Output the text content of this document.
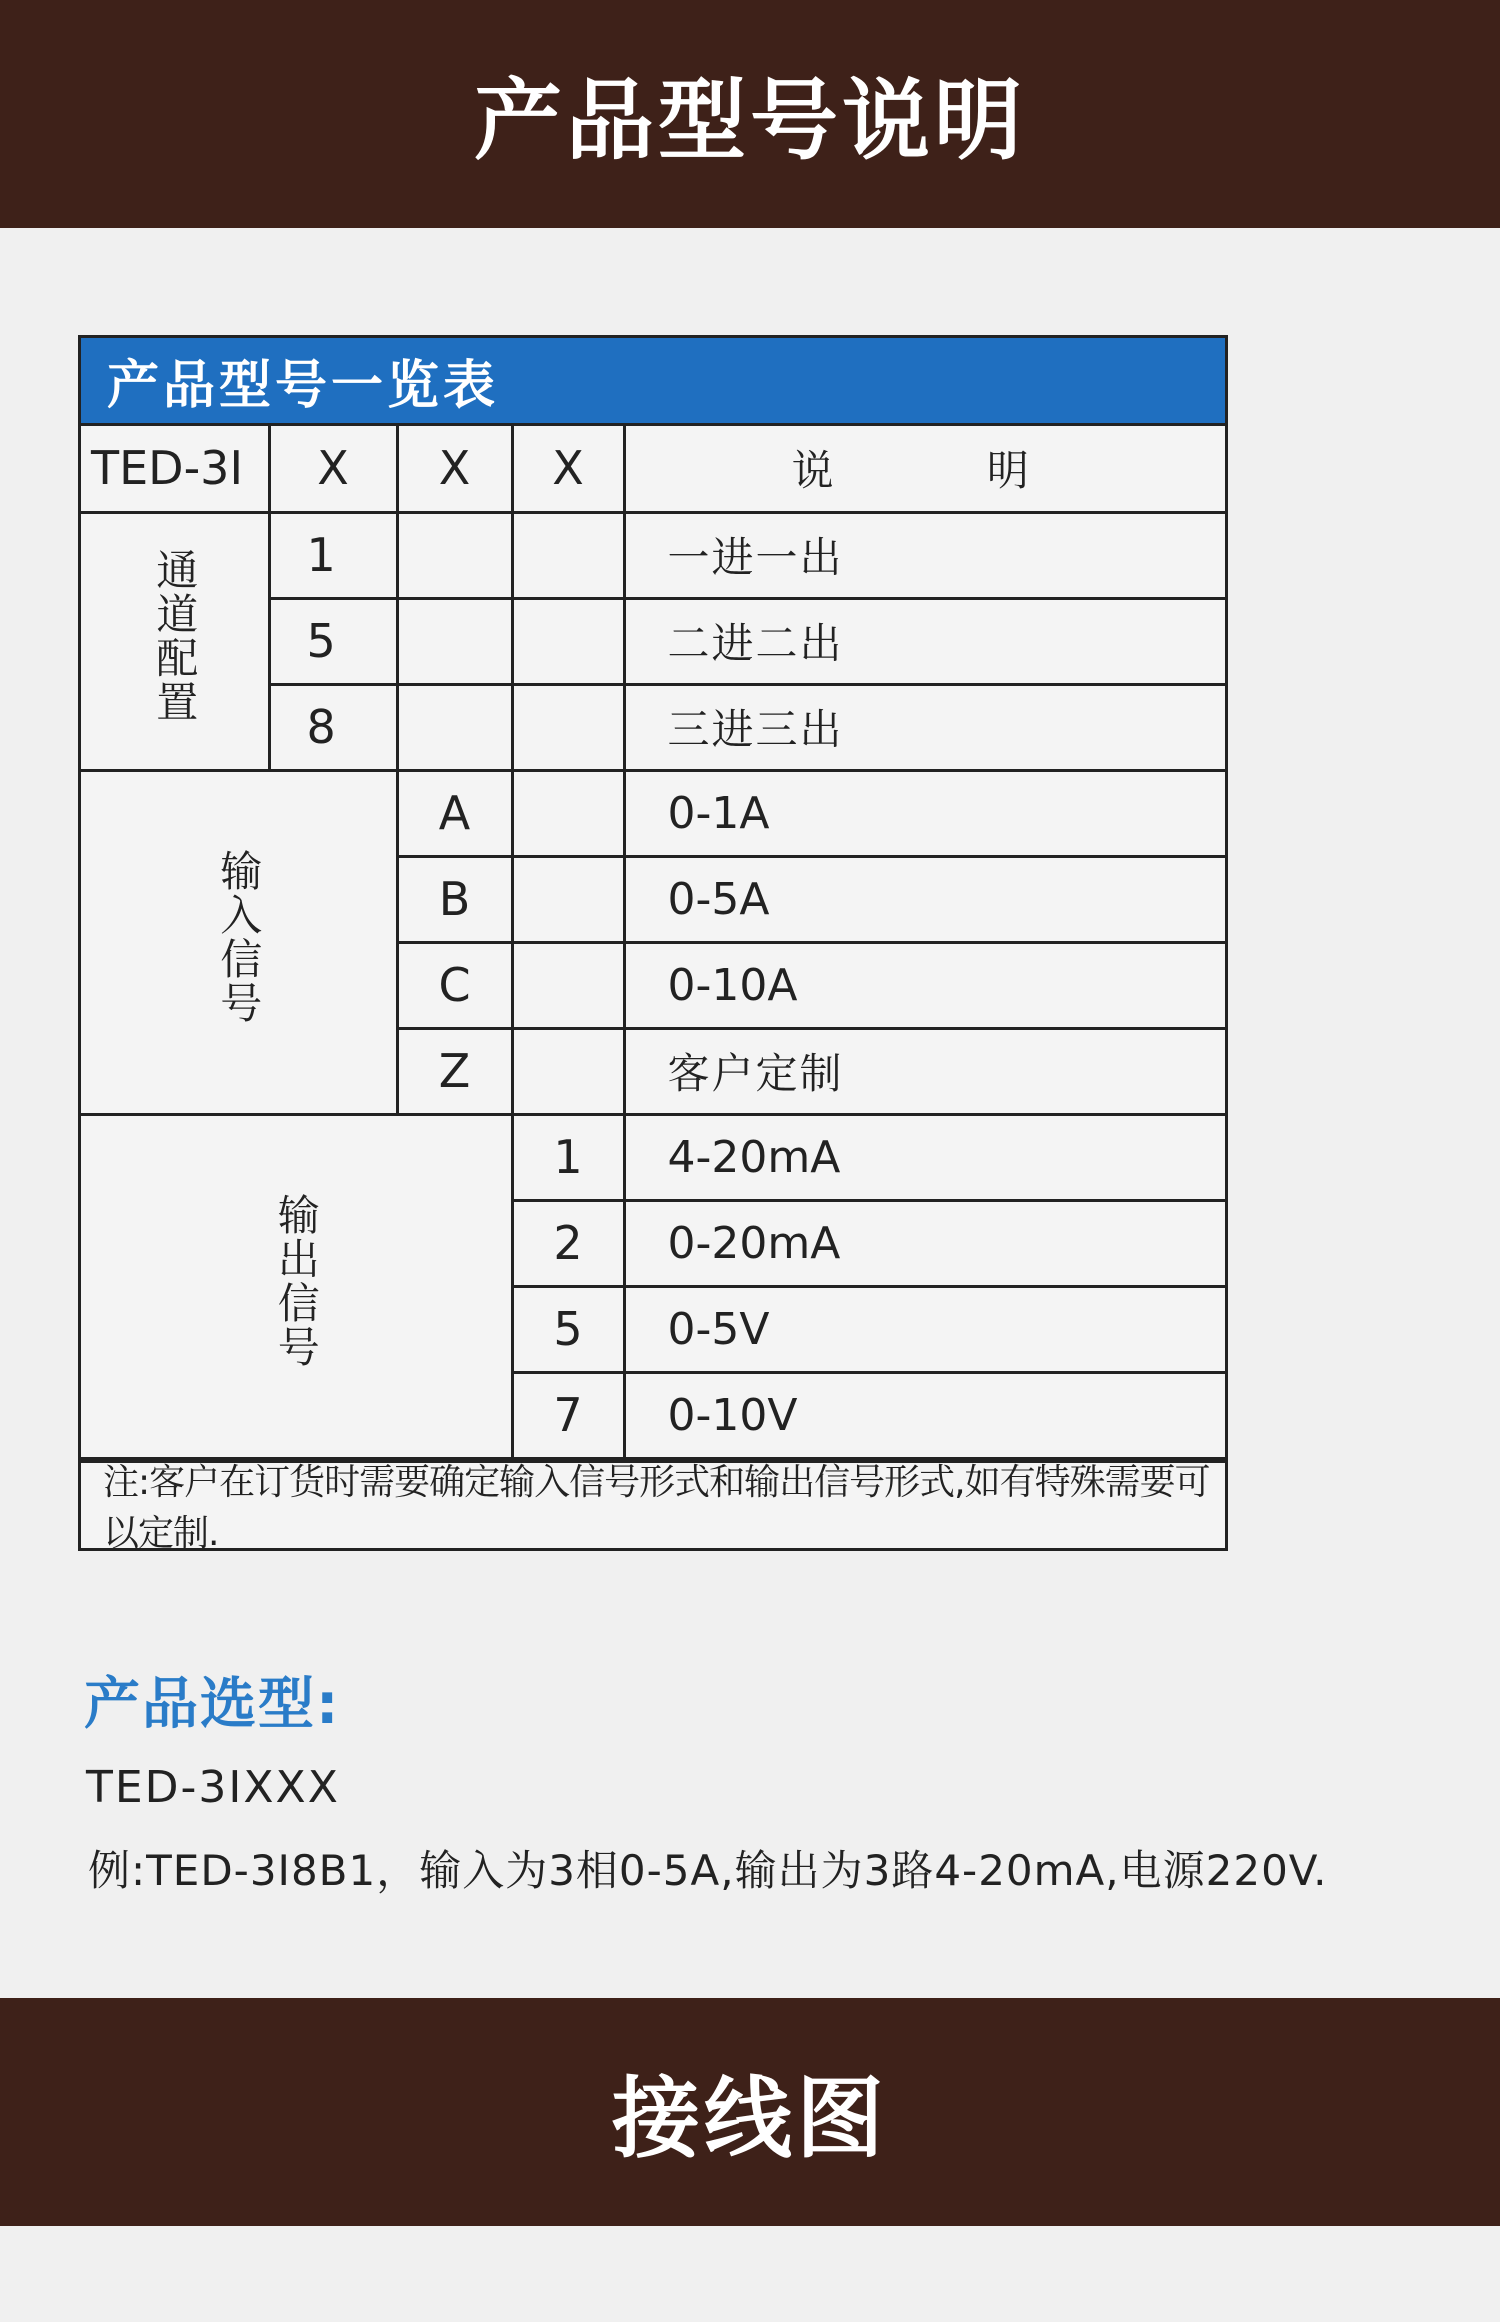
产品型号说明
产品型号一览表
TED-3I	X	X	X	说 明
通道配置	1			一进一出
	5			二进二出
	8			三进三出
输入信号		A		0-1A
		B		0-5A
		C		0-10A
		Z		客户定制
输出信号			1	4-20mA
			2	0-20mA
			5	0-5V
			7	0-10V
注:客户在订货时需要确定输入信号形式和输出信号形式,如有特殊需要可以定制.
产品选型:
TED-3IXXX
例:TED-3I8B1，输入为3相0-5A,输出为3路4-20mA,电源220V.
接线图
